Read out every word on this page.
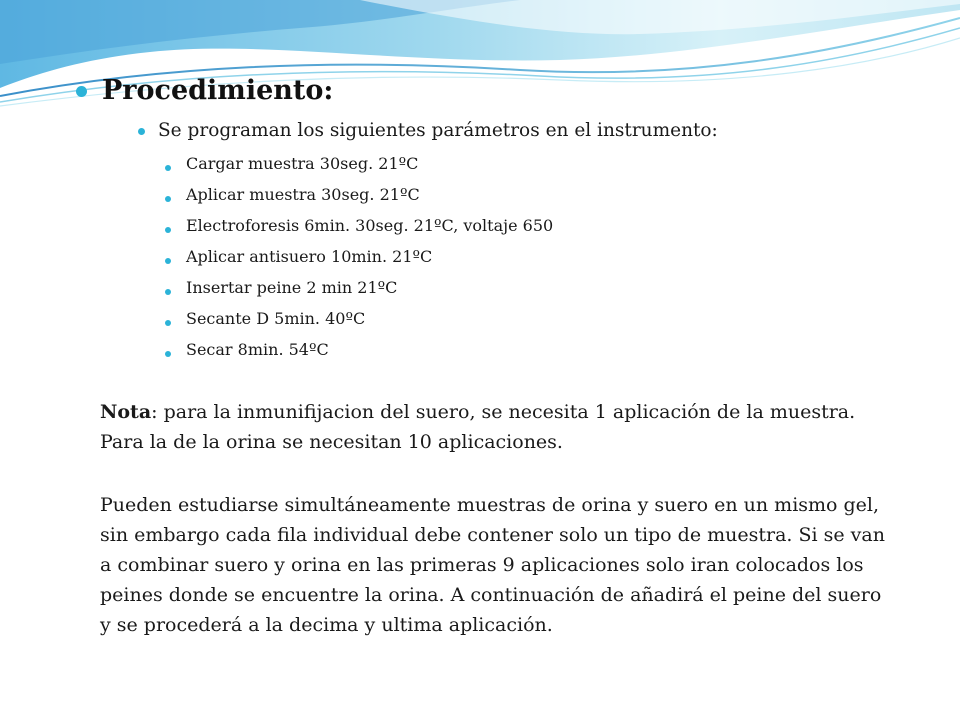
Procedimiento:
Se programan los siguientes parámetros en el instrumento:
Cargar muestra 30seg. 21ºC
Aplicar muestra 30seg. 21ºC
Electroforesis 6min. 30seg. 21ºC, voltaje 650
Aplicar antisuero 10min. 21ºC
Insertar peine 2 min 21ºC
Secante D 5min. 40ºC
Secar 8min. 54ºC
Nota: para la inmunifijacion del suero, se necesita 1 aplicación de la muestra.
Para la de la orina se necesitan 10 aplicaciones.
Pueden estudiarse simultáneamente muestras de orina y suero en un mismo gel,
sin embargo cada fila individual debe contener solo un tipo de muestra. Si se van
a combinar suero y orina en las primeras 9 aplicaciones solo iran colocados los
peines donde se encuentre la orina. A continuación de añadirá el peine del suero
y se procederá a la decima y ultima aplicación.
